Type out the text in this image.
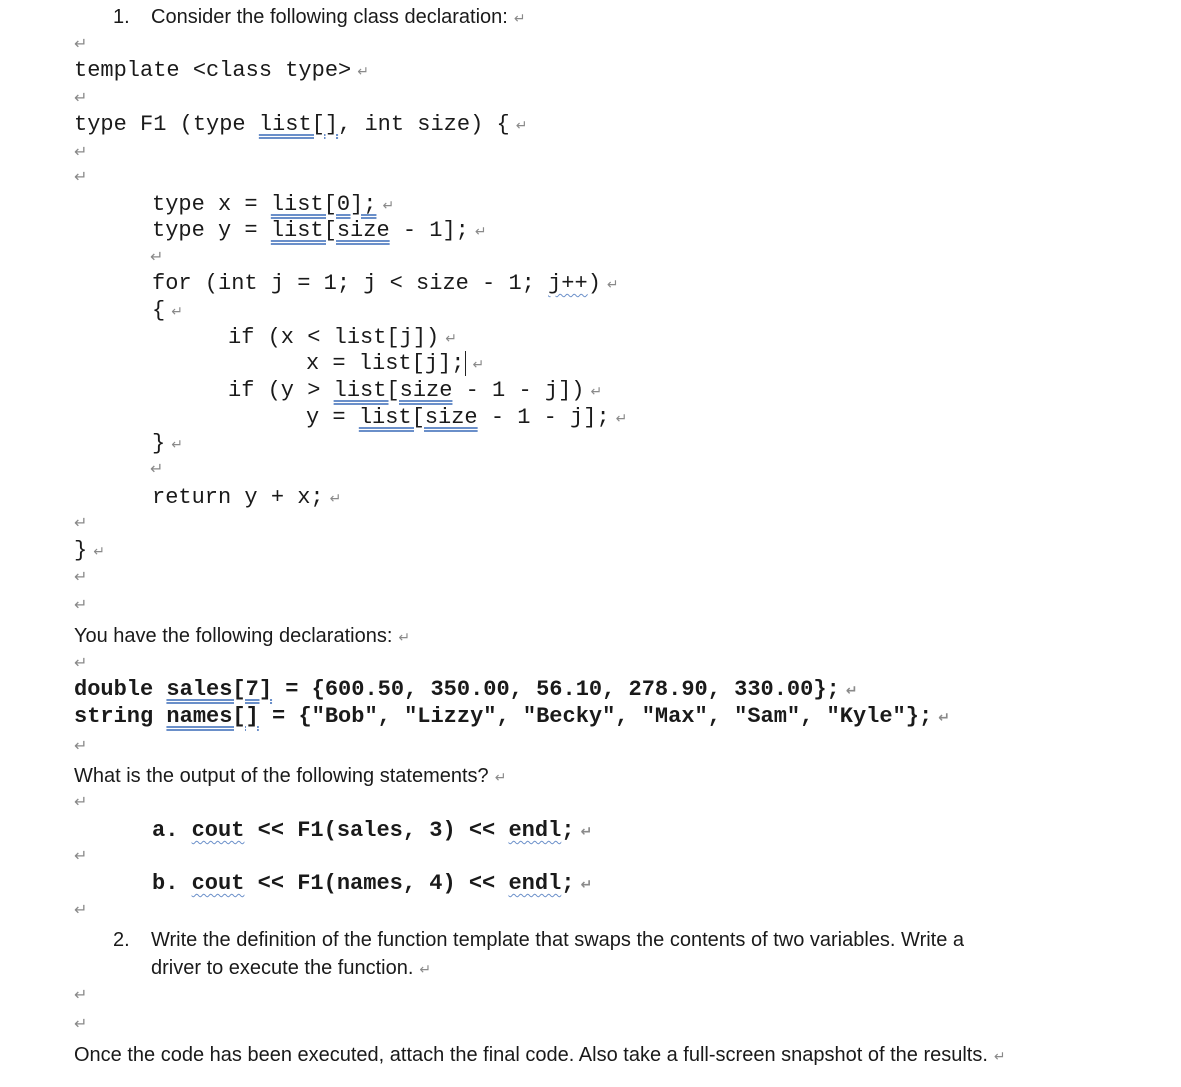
1. Consider the following class declaration: ↵
↵
template <class type> ↵
↵
type F1 (type list[], int size) { ↵
↵
↵
type x = list[0]; ↵
type y = list[size - 1]; ↵
↵
for (int j = 1; j < size - 1; j++) ↵
{ ↵
if (x < list[j]) ↵
x = list[j]; ↵
if (y > list[size - 1 - j]) ↵
y = list[size - 1 - j]; ↵
} ↵
↵
return y + x; ↵
↵
} ↵
↵
↵
You have the following declarations: ↵
↵
double sales[7] = {600.50, 350.00, 56.10, 278.90, 330.00}; ↵
string names[] = {"Bob", "Lizzy", "Becky", "Max", "Sam", "Kyle"}; ↵
↵
What is the output of the following statements? ↵
↵
a. cout << F1(sales, 3) << endl; ↵
↵
b. cout << F1(names, 4) << endl; ↵
↵
2. Write the definition of the function template that swaps the contents of two variables. Write a
driver to execute the function. ↵
↵
↵
Once the code has been executed, attach the final code. Also take a full-screen snapshot of the results. ↵
